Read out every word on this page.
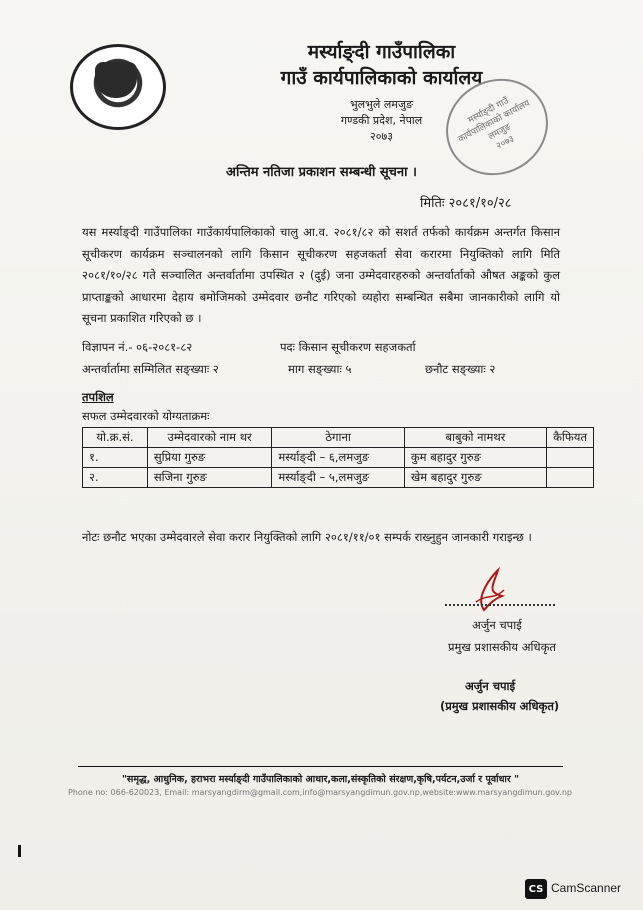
मर्स्याङ्दी गाउँपालिका
गाउँ कार्यपालिकाको कार्यालय
भुलभुले लमजुङ
गण्डकी प्रदेश, नेपाल
२०७३
मर्स्याङ्दी गाउँ
कार्यपालिकाको कार्यालय
लमजुङ
२०७३
अन्तिम नतिजा प्रकाशन सम्बन्धी सूचना ।
मितिः २०८१/१०/२८
यस मर्स्याङ्दी गाउँपालिका गाउँकार्यपालिकाको चालु आ.व. २०८१/८२ को सशर्त तर्फको कार्यक्रम अन्तर्गत किसान सूचीकरण कार्यक्रम सञ्चालनको लागि किसान सूचीकरण सहजकर्ता सेवा करारमा नियुक्तिको लागि मिति २०८१/१०/२८ गते सञ्चालित अन्तर्वार्तामा उपस्थित २ (दुई) जना उम्मेदवारहरुको अन्तर्वार्ताको औषत अङ्कको कुल प्राप्ताङ्कको आधारमा देहाय बमोजिमको उम्मेदवार छनौट गरिएको व्यहोरा सम्बन्धित सबैमा जानकारीको लागि यो सूचना प्रकाशित गरिएको छ ।
विज्ञापन नं.- ०६-२०८१-८२	पदः किसान सूचीकरण सहजकर्ता
अन्तर्वार्तामा सम्मिलित सङ्ख्याः २	माग सङ्ख्याः ५	छनौट सङ्ख्याः २
तपशिल
सफल उम्मेदवारको योग्यताक्रमः
यो.क्र.सं.	उम्मेदवारको नाम थर	ठेगाना	बाबुको नामथर	कैफियत
१.	सुप्रिया गुरुङ	मर्स्याङ्दी – ६,लमजुङ	कुम बहादुर गुरुङ	
२.	सजिना गुरुङ	मर्स्याङ्दी – ५,लमजुङ	खेम बहादुर गुरुङ	
नोटः छनौट भएका उम्मेदवारले सेवा करार नियुक्तिको लागि २०८१/११/०१ सम्पर्क राख्नुहुन जानकारी गराइन्छ ।
अर्जुन चपाई
प्रमुख प्रशासकीय अधिकृत
अर्जुन चपाई
(प्रमुख प्रशासकीय अधिकृत)
"समृद्ध, आधुनिक, हराभरा मर्स्याङ्दी गाउँपालिकाको आधार,कला,संस्कृतिको संरक्षण,कृषि,पर्यटन,उर्जा र पूर्वाधार "
Phone no: 066-620023, Email: marsyangdirm@gmail.com,info@marsyangdimun.gov.np,website:www.marsyangdimun.gov.np
CS CamScanner
